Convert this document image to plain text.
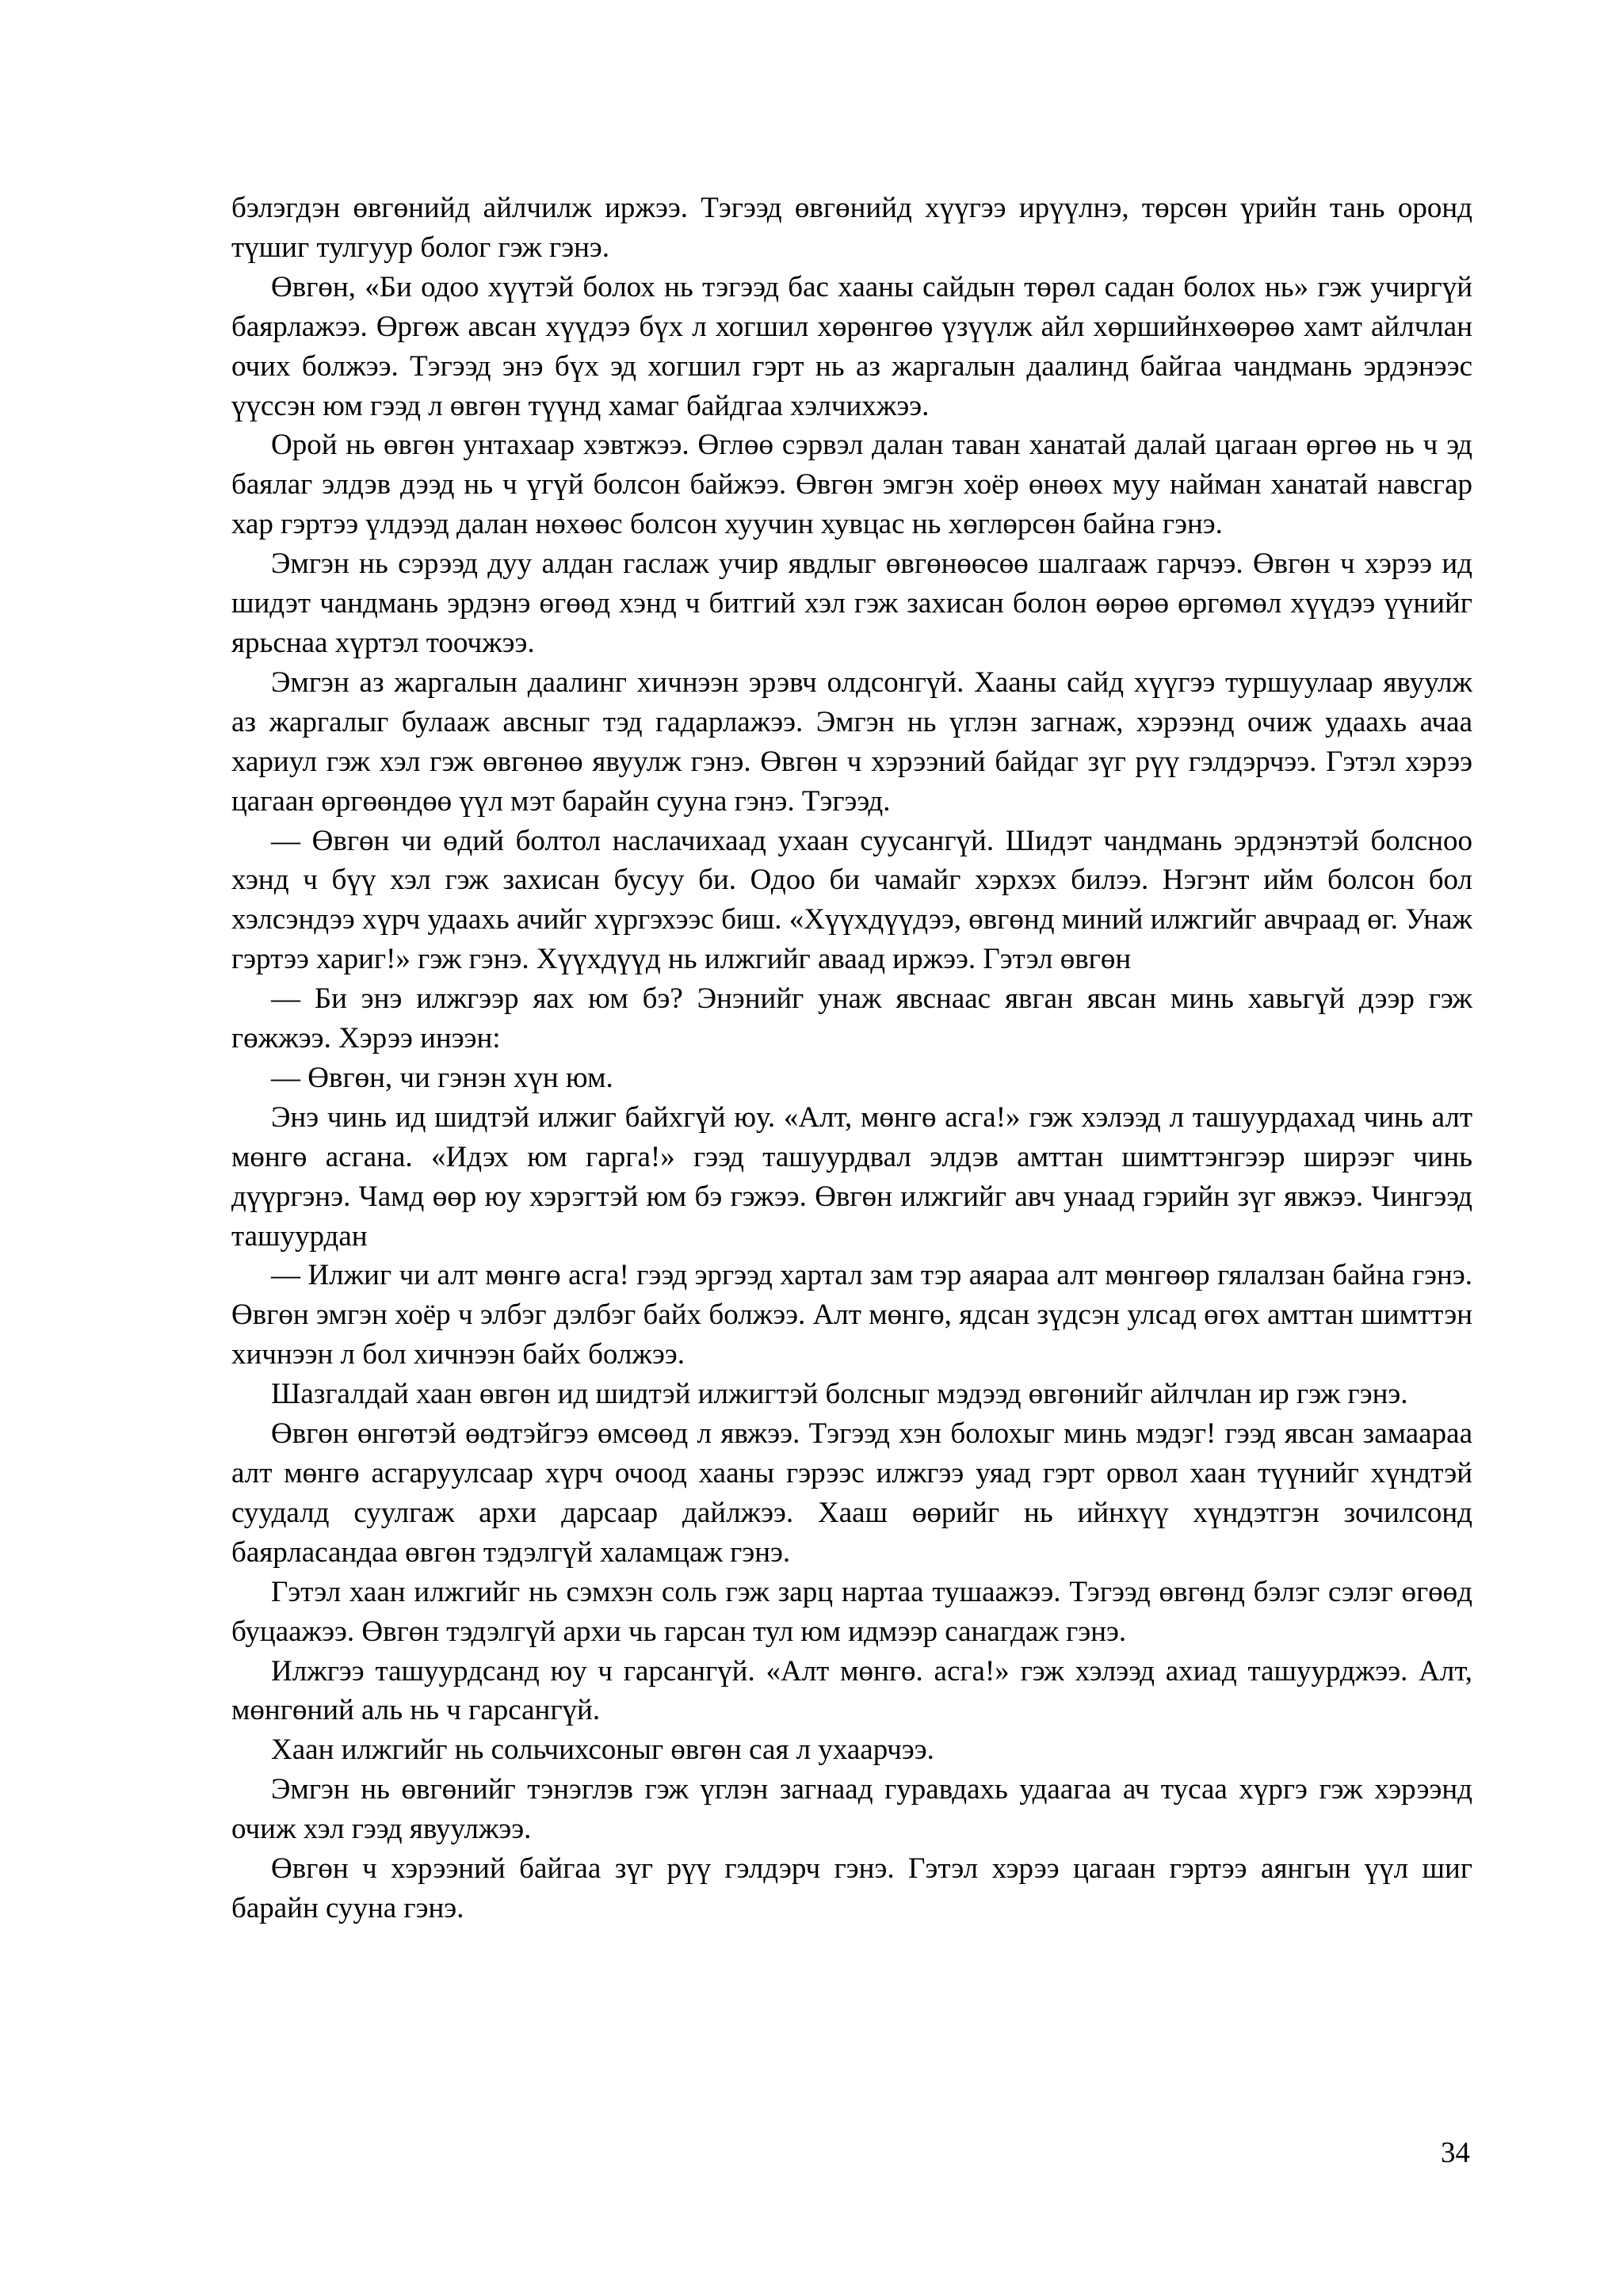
бэлэгдэн өвгөнийд айлчилж иржээ. Тэгээд өвгөнийд хүүгээ ирүүлнэ, төрсөн үрийн тань оронд түшиг тулгуур болог гэж гэнэ.

Өвгөн, «Би одоо хүүтэй болох нь тэгээд бас хааны сайдын төрөл садан болох нь» гэж учиргүй баярлажээ. Өргөж авсан хүүдээ бүх л хогшил хөрөнгөө үзүүлж айл хөршийнхөөрөө хамт айлчлан очих болжээ. Тэгээд энэ бүх эд хогшил гэрт нь аз жаргалын даалинд байгаа чандмань эрдэнээс үүссэн юм гээд л өвгөн түүнд хамаг байдгаа хэлчихжээ.

Орой нь өвгөн унтахаар хэвтжээ. Өглөө сэрвэл далан таван ханатай далай цагаан өргөө нь ч эд баялаг элдэв дээд нь ч үгүй болсон байжээ. Өвгөн эмгэн хоёр өнөөх муу найман ханатай навсгар хар гэртээ үлдээд далан нөхөөс болсон хуучин хувцас нь хөглөрсөн байна гэнэ.

Эмгэн нь сэрээд дуу алдан гаслаж учир явдлыг өвгөнөөсөө шалгааж гарчээ. Өвгөн ч хэрээ ид шидэт чандмань эрдэнэ өгөөд хэнд ч битгий хэл гэж захисан болон өөрөө өргөмөл хүүдээ үүнийг ярьснаа хүртэл тоочжээ.

Эмгэн аз жаргалын даалинг хичнээн эрэвч олдсонгүй. Хааны сайд хүүгээ туршуулаар явуулж аз жаргалыг булааж авсныг тэд гадарлажээ. Эмгэн нь үглэн загнаж, хэрээнд очиж удаахь ачаа хариул гэж хэл гэж өвгөнөө явуулж гэнэ. Өвгөн ч хэрээний байдаг зүг рүү гэлдэрчээ. Гэтэл хэрээ цагаан өргөөндөө үүл мэт барайн сууна гэнэ. Тэгээд.

— Өвгөн чи өдий болтол наслачихаад ухаан суусангүй. Шидэт чандмань эрдэнэтэй болсноо хэнд ч бүү хэл гэж захисан бусуу би. Одоо би чамайг хэрхэх билээ. Нэгэнт ийм болсон бол хэлсэндээ хүрч удаахь ачийг хүргэхээс биш. «Хүүхдүүдээ, өвгөнд миний илжгийг авчраад өг. Унаж гэртээ хариг!» гэж гэнэ. Хүүхдүүд нь илжгийг аваад иржээ. Гэтэл өвгөн

— Би энэ илжгээр яах юм бэ? Энэнийг унаж явснаас явган явсан минь хавьгүй дээр гэж гөжжээ. Хэрээ инээн:

— Өвгөн, чи гэнэн хүн юм.

Энэ чинь ид шидтэй илжиг байхгүй юу. «Алт, мөнгө асга!» гэж хэлээд л ташуурдахад чинь алт мөнгө асгана. «Идэх юм гарга!» гээд ташуурдвал элдэв амттан шимттэнгээр ширээг чинь дүүргэнэ. Чамд өөр юу хэрэгтэй юм бэ гэжээ. Өвгөн илжгийг авч унаад гэрийн зүг явжээ. Чингээд ташуурдан

— Илжиг чи алт мөнгө асга! гээд эргээд хартал зам тэр аяараа алт мөнгөөр гялалзан байна гэнэ. Өвгөн эмгэн хоёр ч элбэг дэлбэг байх болжээ. Алт мөнгө, ядсан зүдсэн улсад өгөх амттан шимттэн хичнээн л бол хичнээн байх болжээ.

Шазгалдай хаан өвгөн ид шидтэй илжигтэй болсныг мэдээд өвгөнийг айлчлан ир гэж гэнэ.

Өвгөн өнгөтэй өөдтэйгээ өмсөөд л явжээ. Тэгээд хэн болохыг минь мэдэг! гээд явсан замаараа алт мөнгө асгаруулсаар хүрч очоод хааны гэрээс илжгээ уяад гэрт орвол хаан түүнийг хүндтэй суудалд суулгаж архи дарсаар дайлжээ. Хааш өөрийг нь ийнхүү хүндэтгэн зочилсонд баярласандаа өвгөн тэдэлгүй халамцаж гэнэ.

Гэтэл хаан илжгийг нь сэмхэн соль гэж зарц нартаа тушаажээ. Тэгээд өвгөнд бэлэг сэлэг өгөөд буцаажээ. Өвгөн тэдэлгүй архи чь гарсан тул юм идмээр санагдаж гэнэ.

Илжгээ ташуурдсанд юу ч гарсангүй. «Алт мөнгө. асга!» гэж хэлээд ахиад ташуурджээ. Алт, мөнгөний аль нь ч гарсангүй.

Хаан илжгийг нь сольчихсоныг өвгөн сая л ухаарчээ.

Эмгэн нь өвгөнийг тэнэглэв гэж үглэн загнаад гуравдахь удаагаа ач тусаа хүргэ гэж хэрээнд очиж хэл гээд явуулжээ.

Өвгөн ч хэрээний байгаа зүг рүү гэлдэрч гэнэ. Гэтэл хэрээ цагаан гэртээ аянгын үүл шиг барайн сууна гэнэ.

34
